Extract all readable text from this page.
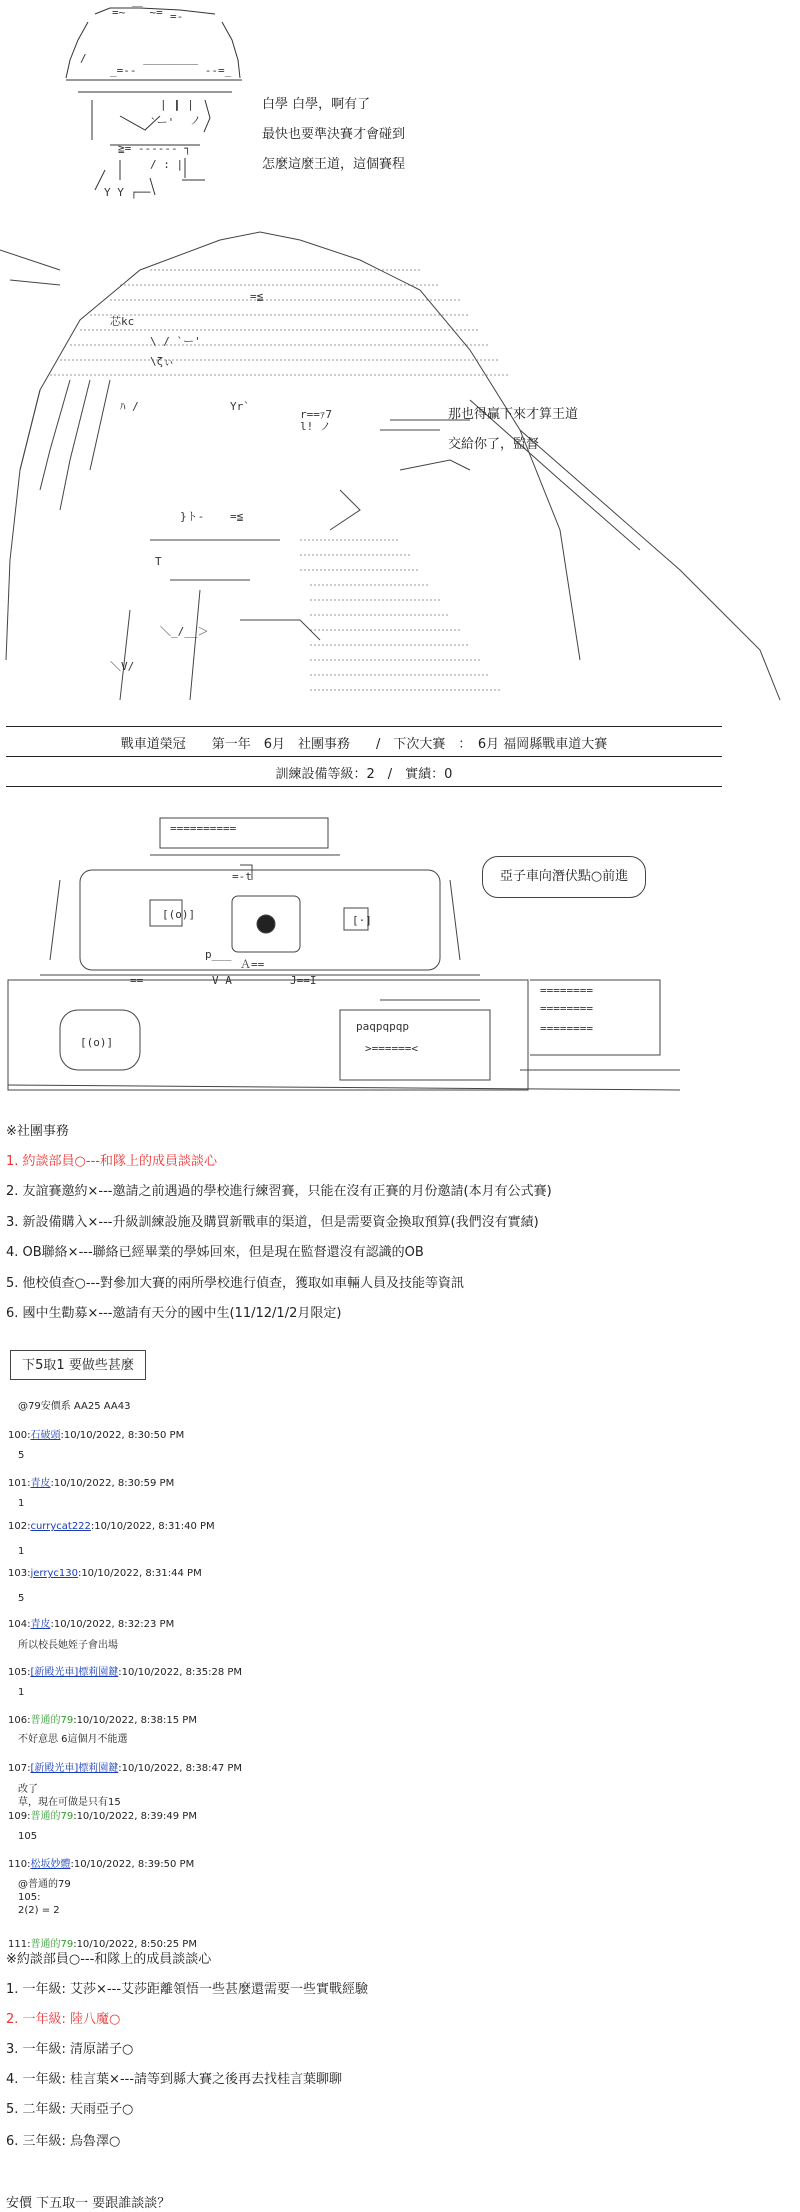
=~ ￣ ~= =-
/
_=-- ￣￣￣￣￣ --=_
| |
| |
`ー' ノ
≧= ------ ┐
/ : |
Y Y ┌──
白學 白學，啊有了
最快也要準決賽才會碰到
怎麼這麼王道，這個賽程
芯kc
=≦
\ / `ー'
\ζぃ
ﾊ /	Yr`
r==ｧ7
l! ノ
=≦
}ト-
T
＼_/__＞
＼V/
那也得贏下來才算王道
交給你了，監督
戰車道榮冠　　第一年　6月　社團事務　　/　下次大賽　：　6月 福岡縣戰車道大賽
訓練設備等級：2　/　實績：0
==========
=-t
[(o)]	[·]
p___
Ａ==
==	V A	J==I
[(o)]
paqpqpqp
>======<
========
========
========
亞子車向潛伏點○前進
※社團事務
1. 約談部員○---和隊上的成員談談心
2. 友誼賽邀約×---邀請之前遇過的學校進行練習賽，只能在沒有正賽的月份邀請(本月有公式賽)
3. 新設備購入×---升級訓練設施及購買新戰車的渠道，但是需要資金換取預算(我們沒有實績)
4. OB聯絡×---聯絡已經畢業的學姊回來，但是現在監督還沒有認識的OB
5. 他校偵查○---對參加大賽的兩所學校進行偵查，獲取如車輛人員及技能等資訊
6. 國中生勸募×---邀請有天分的國中生(11/12/1/2月限定)
下5取1 要做些甚麼
@79安價系 AA25 AA43
100:石破頭:10/10/2022, 8:30:50 PM
5
101:青皮:10/10/2022, 8:30:59 PM
1
102:currycat222:10/10/2022, 8:31:40 PM
1
103:jerryc130:10/10/2022, 8:31:44 PM
5
104:青皮:10/10/2022, 8:32:23 PM
所以校長她姪子會出場
105:[新殿光車]標莉園鍵:10/10/2022, 8:35:28 PM
1
106:普通的79:10/10/2022, 8:38:15 PM
不好意思 6這個月不能選
107:[新殿光車]標莉園鍵:10/10/2022, 8:38:47 PM
改了
草，現在可做是只有15
109:普通的79:10/10/2022, 8:39:49 PM
105
110:松坂妙體:10/10/2022, 8:39:50 PM
@普通的79
105:
2(2) = 2
111:普通的79:10/10/2022, 8:50:25 PM
※約談部員○---和隊上的成員談談心
1. 一年級: 艾莎×---艾莎距離領悟一些甚麼還需要一些實戰經驗
2. 一年級: 陸八魔○
3. 一年級: 清原諾子○
4. 一年級: 桂言葉×---請等到縣大賽之後再去找桂言葉聊聊
5. 二年級: 天雨亞子○
6. 三年級: 烏魯澤○
安價 下五取一 要跟誰談談？
